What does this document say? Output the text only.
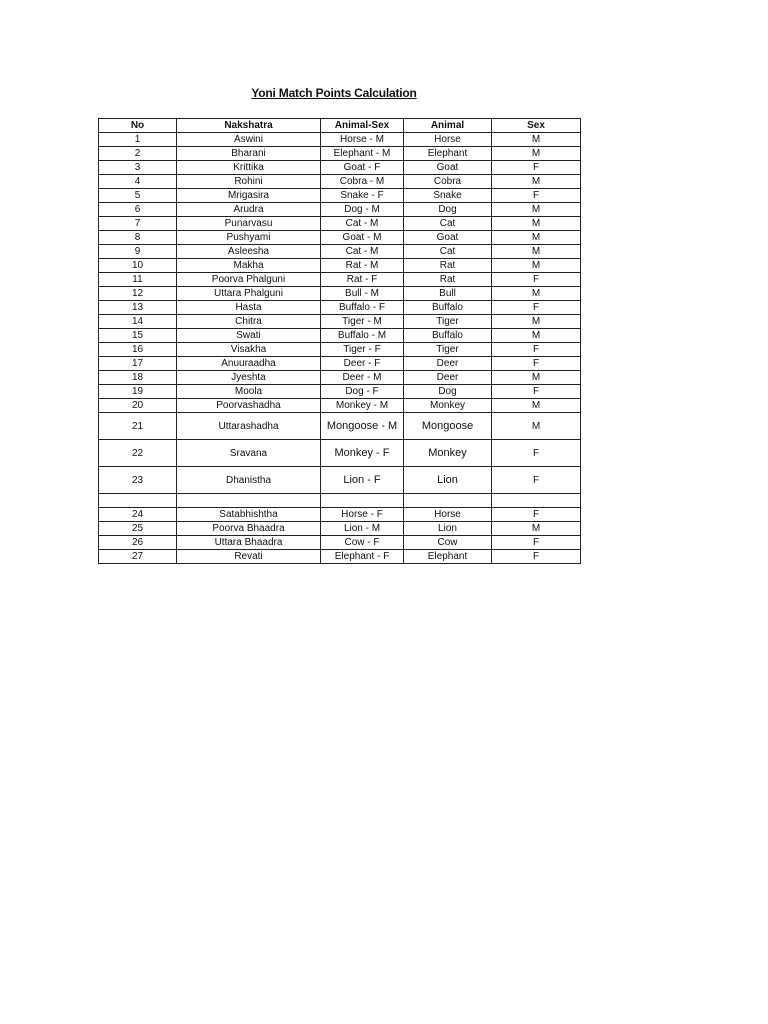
Yoni Match Points Calculation
No	Nakshatra	Animal-Sex	Animal	Sex
1	Aswini	Horse - M	Horse	M
2	Bharani	Elephant - M	Elephant	M
3	Krittika	Goat - F	Goat	F
4	Rohini	Cobra - M	Cobra	M
5	Mrigasira	Snake - F	Snake	F
6	Arudra	Dog - M	Dog	M
7	Punarvasu	Cat - M	Cat	M
8	Pushyami	Goat - M	Goat	M
9	Asleesha	Cat - M	Cat	M
10	Makha	Rat - M	Rat	M
11	Poorva Phalguni	Rat - F	Rat	F
12	Uttara Phalguni	Bull - M	Bull	M
13	Hasta	Buffalo - F	Buffalo	F
14	Chitra	Tiger - M	Tiger	M
15	Swati	Buffalo - M	Buffalo	M
16	Visakha	Tiger - F	Tiger	F
17	Anuuraadha	Deer - F	Deer	F
18	Jyeshta	Deer - M	Deer	M
19	Moola	Dog - F	Dog	F
20	Poorvashadha	Monkey - M	Monkey	M
21	Uttarashadha	Mongoose - M	Mongoose	M
22	Sravana	Monkey - F	Monkey	F
23	Dhanistha	Lion - F	Lion	F

24	Satabhishtha	Horse - F	Horse	F
25	Poorva Bhaadra	Lion - M	Lion	M
26	Uttara Bhaadra	Cow - F	Cow	F
27	Revati	Elephant - F	Elephant	F
